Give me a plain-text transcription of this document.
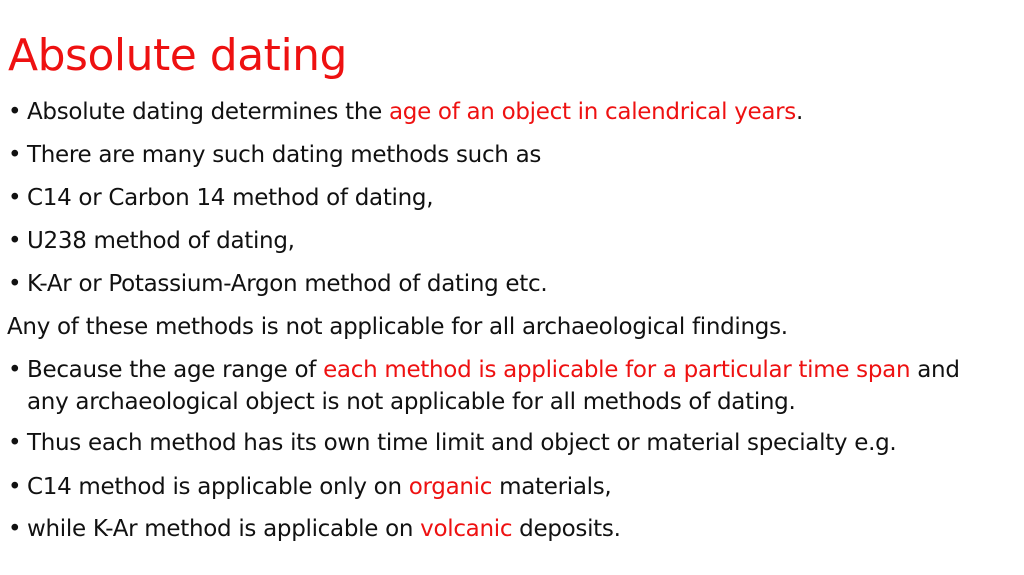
Absolute dating
• Absolute dating determines the age of an object in calendrical years.
• There are many such dating methods such as
• C14 or Carbon 14 method of dating,
• U238 method of dating,
• K-Ar or Potassium-Argon method of dating etc.
Any of these methods is not applicable for all archaeological findings.
• Because the age range of each method is applicable for a particular time span and
any archaeological object is not applicable for all methods of dating.
• Thus each method has its own time limit and object or material specialty e.g.
• C14 method is applicable only on organic materials,
• while K-Ar method is applicable on volcanic deposits.
